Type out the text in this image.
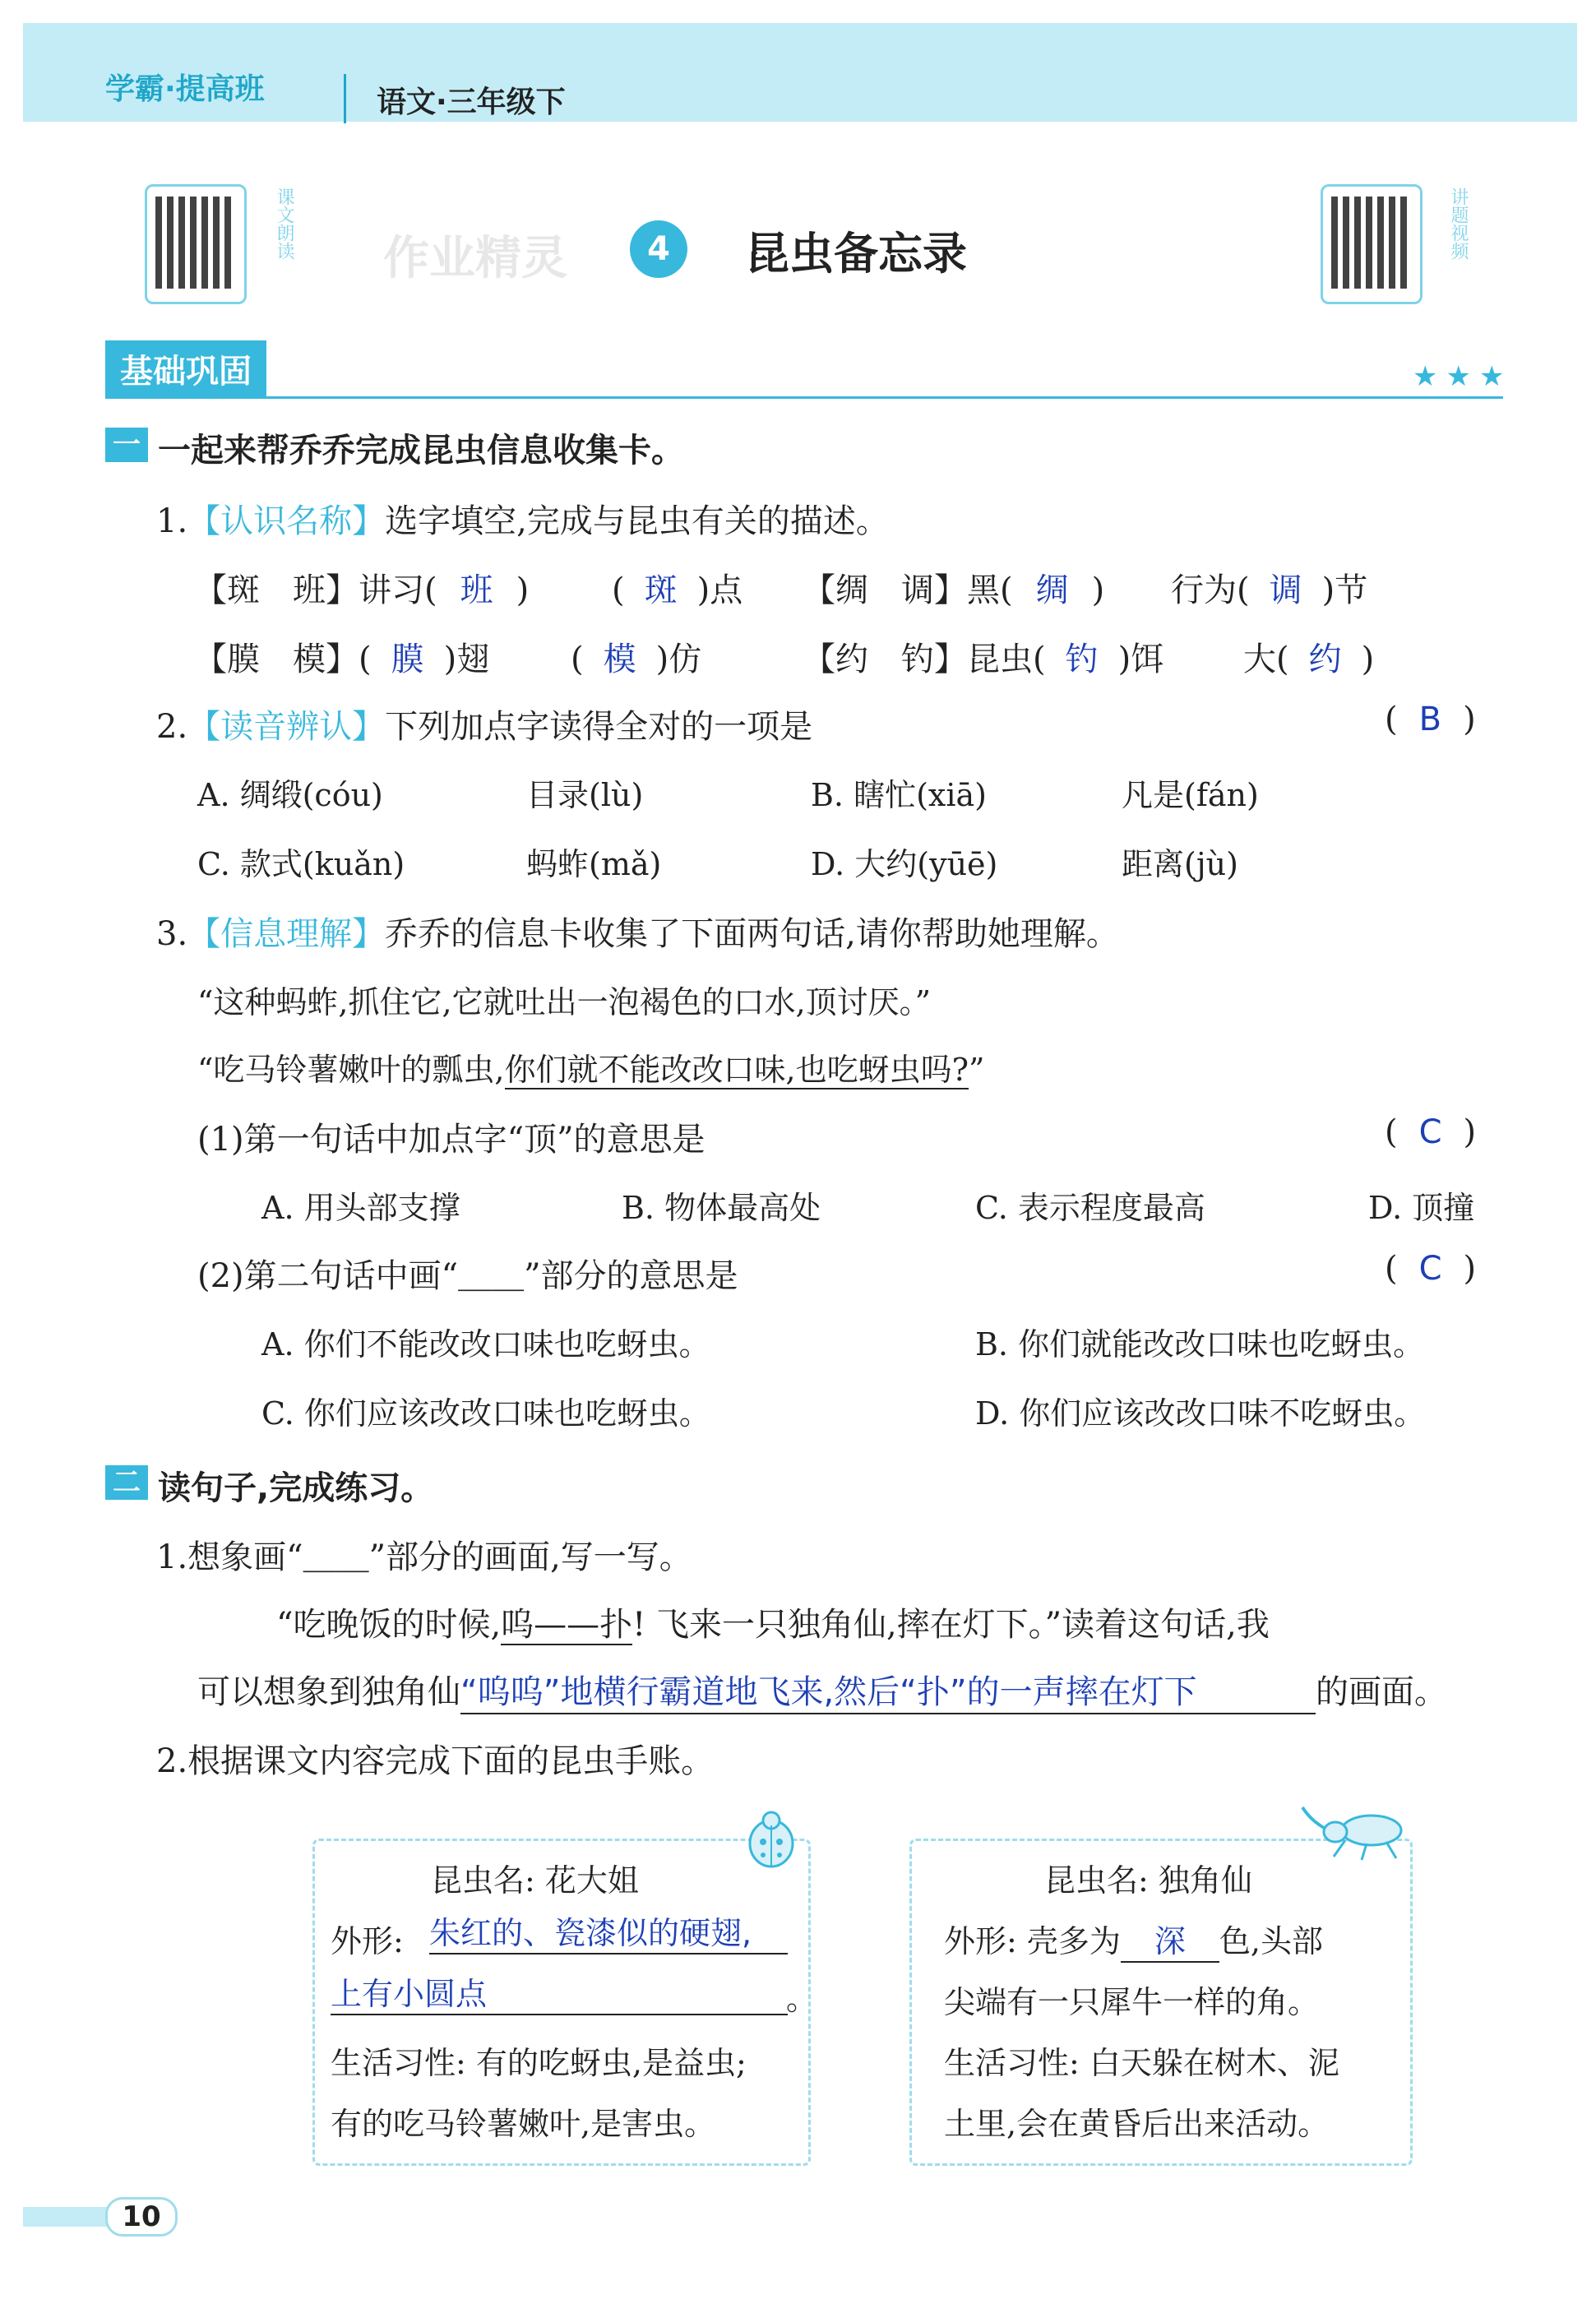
学霸·提高班	语文·三年级下
课文朗读	讲题视频
作业精灵	4	昆虫备忘录
基础巩固	★★★
一 一起来帮乔乔完成昆虫信息收集卡。
1.【认识名称】选字填空,完成与昆虫有关的描述。
【斑　班】讲习( 班 )	( 斑 )点 【绸　调】黑( 绸 ) 行为( 调 )节
【膜　模】( 膜 )翅 ( 模 )仿	【约　钓】昆虫( 钓 )饵 大( 约 )
2.【读音辨认】下列加点字读得全对的一项是	( B )
A. 绸缎(cóu)	目录(lù)	B. 瞎忙(xiā)	凡是(fán)
C. 款式(kuǎn)	蚂蚱(mǎ)	D. 大约(yūē)	距离(jù)
3.【信息理解】乔乔的信息卡收集了下面两句话,请你帮助她理解。
“这种蚂蚱,抓住它,它就吐出一泡褐色的口水,顶讨厌。”
“吃马铃薯嫩叶的瓢虫,你们就不能改改口味,也吃蚜虫吗?”
(1)第一句话中加点字“顶”的意思是	( C )
A. 用头部支撑	B. 物体最高处	C. 表示程度最高	D. 顶撞
(2)第二句话中画“＿＿”部分的意思是	( C )
A. 你们不能改改口味也吃蚜虫。	B. 你们就能改改口味也吃蚜虫。
C. 你们应该改改口味也吃蚜虫。	D. 你们应该改改口味不吃蚜虫。
二 读句子,完成练习。
1.想象画“＿＿”部分的画面,写一写。
“吃晚饭的时候,呜——扑! 飞来一只独角仙,摔在灯下。”读着这句话,我
可以想象到独角仙“呜呜”地横行霸道地飞来,然后“扑”的一声摔在灯下	的画面。
2.根据课文内容完成下面的昆虫手账。
昆虫名: 花大姐
外形: 朱红的、瓷漆似的硬翅,
上有小圆点	。
生活习性: 有的吃蚜虫,是益虫;
有的吃马铃薯嫩叶,是害虫。
昆虫名: 独角仙
外形: 壳多为 深 色,头部
尖端有一只犀牛一样的角。
生活习性: 白天躲在树木、泥
土里,会在黄昏后出来活动。
10
